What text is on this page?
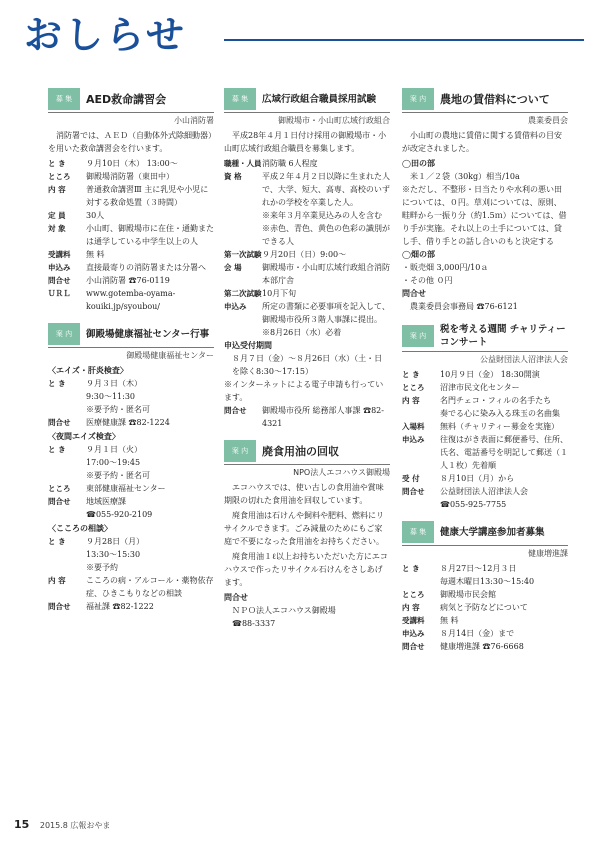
おしらせ
募 集	AED救命講習会
小山消防署
消防署では、ＡＥＤ（自動体外式除細動器）を用いた救命講習会を行います。
と き	９月10日（木） 13:00～
ところ	御殿場消防署（東田中）
内 容	普通救命講習Ⅲ 主に乳児や小児に対する救命処置（３時間）
定 員	30人
対 象	小山町、御殿場市に在住・通勤または通学している中学生以上の人
受講料	無 料
申込み	直接最寄りの消防署または分署へ
問合せ	小山消防署 ☎76-0119
ＵＲＬ	www.gotemba-oyama-kouiki.jp/syoubou/
案 内	御殿場健康福祉センター行事
御殿場健康福祉センター
〈エイズ・肝炎検査〉
と き	９月３日（木）
9:30～11:30
※要予約・匿名可
問合せ	医療健康課 ☎82-1224
〈夜間エイズ検査〉
と き	９月１日（火）
17:00～19:45
※要予約・匿名可
ところ	東部健康福祉センター
問合せ	地域医療課
☎055-920-2109
〈こころの相談〉
と き	９月28日（月）
13:30～15:30
※要予約
内 容	こころの病・アルコール・薬物依存症、ひきこもりなどの相談
問合せ	福祉課 ☎82-1222
募 集	広域行政組合職員採用試験
御殿場市・小山町広域行政組合
平成28年４月１日付け採用の御殿場市・小山町広域行政組合職員を募集します。
職種・人員 消防職 6人程度
資 格	平成２年４月２日以降に生まれた人で、大学、短大、高専、高校のいずれかの学校を卒業した人。
※来年３月卒業見込みの人を含む
※赤色、青色、黄色の色彩の識別ができる人
第一次試験 ９月20日（日）9:00～
会 場	御殿場市・小山町広域行政組合消防本部庁舎
第二次試験 10月下旬
申込み	所定の書類に必要事項を記入して、御殿場市役所３階人事課に提出。
※8月26日（水）必着
申込受付期間
８月７日（金）～８月26日（水）（土・日を除く8:30～17:15）
※インターネットによる電子申請も行っています。
問合せ	御殿場市役所 総務部人事課 ☎82-4321
案 内	廃食用油の回収
NPO法人エコハウス御殿場
エコハウスでは、使い古しの食用油や賞味期限の切れた食用油を回収しています。
廃食用油は石けんや飼料や肥料、燃料にリサイクルできます。ごみ減量のためにもご家庭で不要になった食用油をお持ちください。
廃食用油１ℓ以上お持ちいただいた方にエコハウスで作ったリサイクル石けんをさしあげます。
問合せ
ＮＰＯ法人エコハウス御殿場
☎88-3337
案 内	農地の賃借料について
農業委員会
小山町の農地に賃借に関する賃借料の目安が改定されました。
◯田の部
米１／２袋（30kg）相当/10a
※ただし、不整形・日当たりや水利の悪い田については、０円。草刈については、原則、畦畔から一振り分（約1.5ｍ）については、借り手が実施。それ以上の土手については、貸し手、借り手との話し合いのもと決定する
◯畑の部
・販売畑 3,000円/10ａ
・その他 ０円
問合せ
農業委員会事務局 ☎76-6121
案 内
税を考える週間 チャリティーコンサート
公益財団法人沼津法人会
と き	10月９日（金） 18:30開演
ところ	沼津市民文化センター
内 容	名門チェコ・フィルの名手たち
奏でる心に染み入る珠玉の名曲集
入場料	無料（チャリティー募金を実施）
申込み	往復はがき表面に郵便番号、住所、氏名、電話番号を明記して郵送（１人１枚）先着順
受 付	８月10日（月）から
問合せ	公益財団法人沼津法人会
☎055-925-7755
募 集	健康大学講座参加者募集
健康増進課
と き	８月27日～12月３日
毎週木曜日13:30～15:40
ところ	御殿場市民会館
内 容	病気と予防などについて
受講料	無 料
申込み	８月14日（金）まで
問合せ	健康増進課 ☎76-6668
15 2015.8 広報おやま
